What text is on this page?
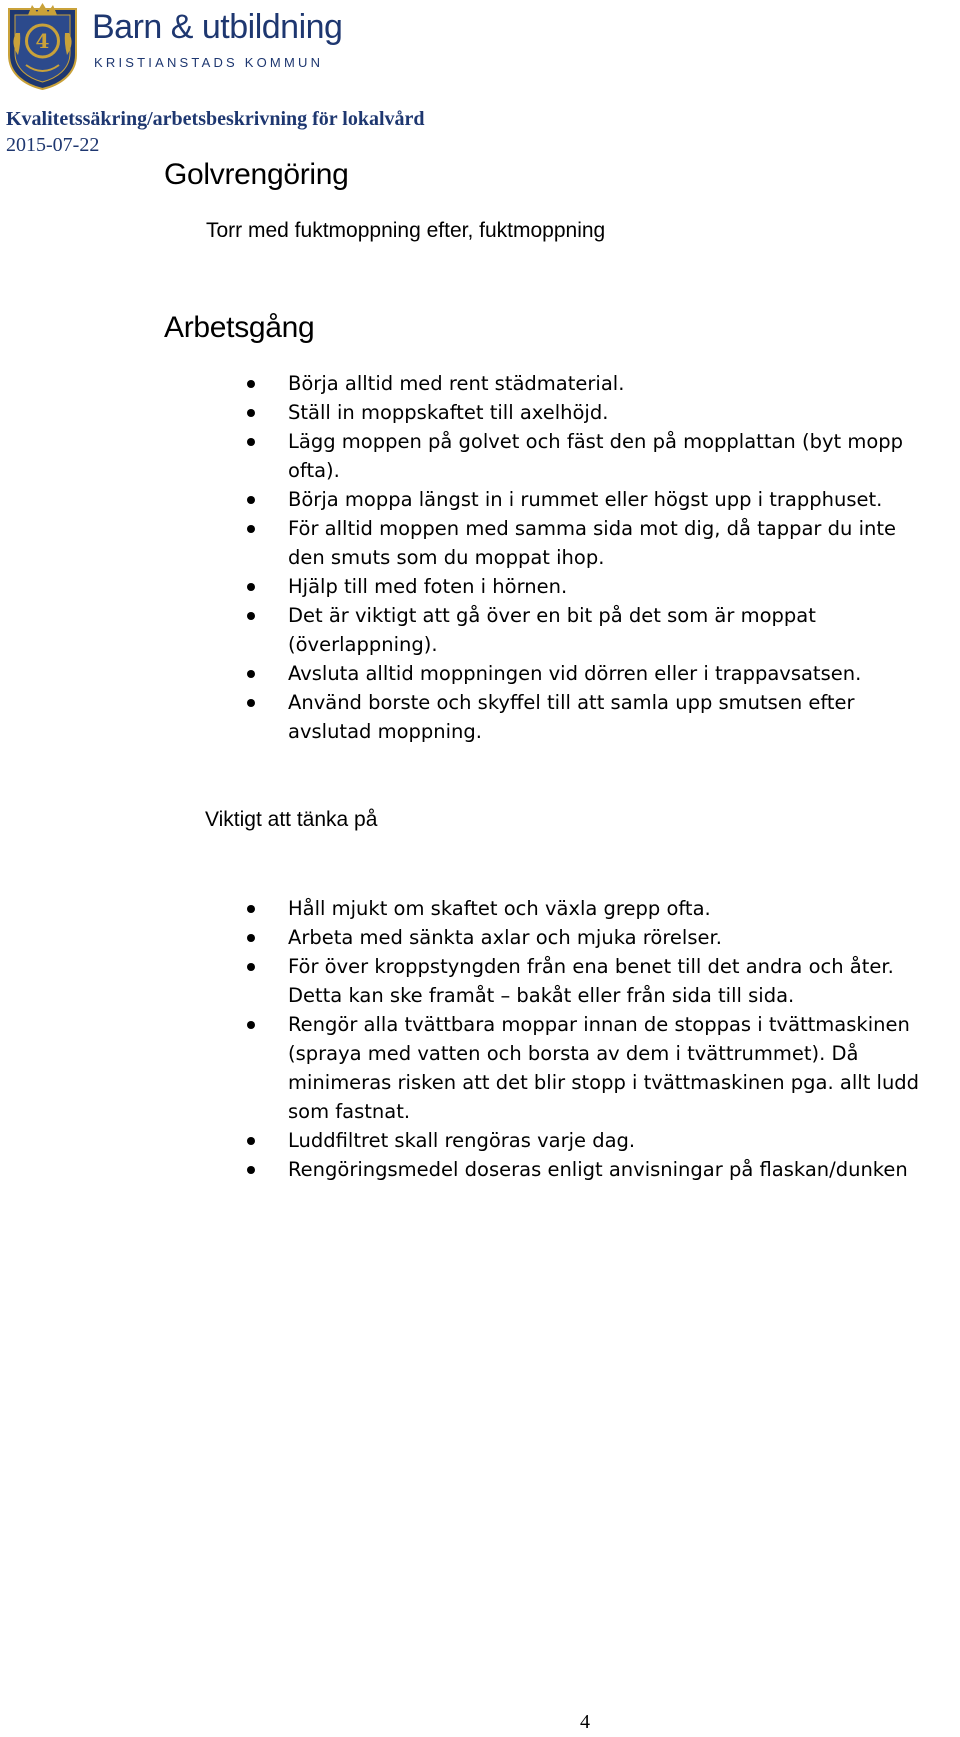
4 Barn & utbildning
KRISTIANSTADS KOMMUN
Kvalitetssäkring/arbetsbeskrivning för lokalvård
2015-07-22
Golvrengöring
Torr med fuktmoppning efter, fuktmoppning
Arbetsgång
Börja alltid med rent städmaterial.
Ställ in moppskaftet till axelhöjd.
Lägg moppen på golvet och fäst den på mopplattan (byt mopp
ofta).
Börja moppa längst in i rummet eller högst upp i trapphuset.
För alltid moppen med samma sida mot dig, då tappar du inte
den smuts som du moppat ihop.
Hjälp till med foten i hörnen.
Det är viktigt att gå över en bit på det som är moppat
(överlappning).
Avsluta alltid moppningen vid dörren eller i trappavsatsen.
Använd borste och skyffel till att samla upp smutsen efter
avslutad moppning.
Viktigt att tänka på
Håll mjukt om skaftet och växla grepp ofta.
Arbeta med sänkta axlar och mjuka rörelser.
För över kroppstyngden från ena benet till det andra och åter.
Detta kan ske framåt – bakåt eller från sida till sida.
Rengör alla tvättbara moppar innan de stoppas i tvättmaskinen
(spraya med vatten och borsta av dem i tvättrummet). Då
minimeras risken att det blir stopp i tvättmaskinen pga. allt ludd
som fastnat.
Luddfiltret skall rengöras varje dag.
Rengöringsmedel doseras enligt anvisningar på flaskan/dunken
4
